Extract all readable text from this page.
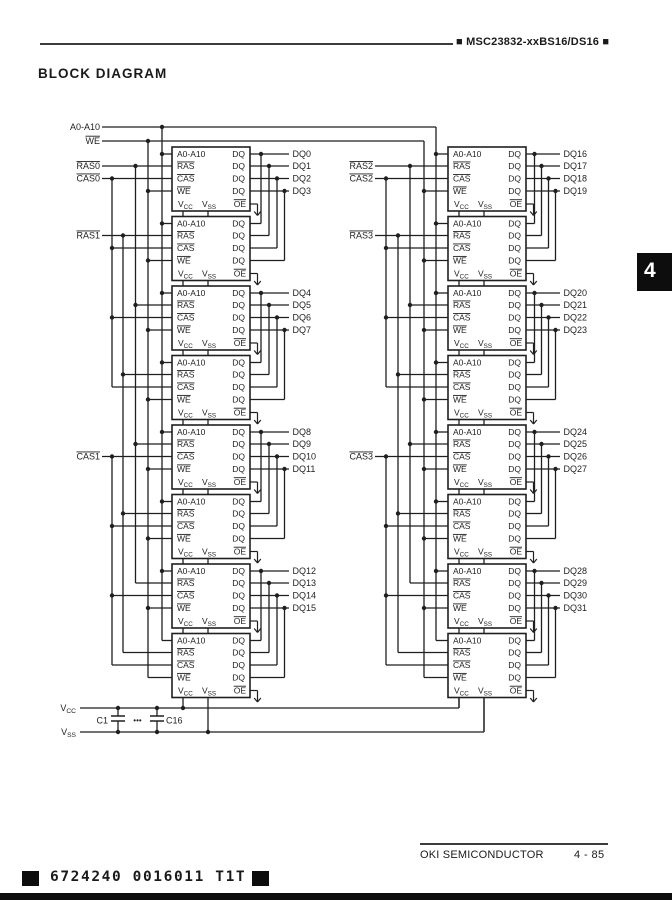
■ MSC23832-xxBS16/DS16 ■
BLOCK DIAGRAM
4
A0-A10
WE
A0-A10
RAS
CAS
WE
DQ
DQ
DQ
DQ
$V_{CC}$ $V_{SS}$ OE
A0-A10
RAS
CAS
WE
DQ
DQ
DQ
DQ
$V_{CC}$ $V_{SS}$ OE
A0-A10
RAS
CAS
WE
DQ
DQ
DQ
DQ
$V_{CC}$ $V_{SS}$ OE
A0-A10
RAS
CAS
WE
DQ
DQ
DQ
DQ
$V_{CC}$ $V_{SS}$ OE
A0-A10
RAS
CAS
WE
DQ
DQ
DQ
DQ
$V_{CC}$ $V_{SS}$ OE
A0-A10
RAS
CAS
WE
DQ
DQ
DQ
DQ
$V_{CC}$ $V_{SS}$ OE
A0-A10
RAS
CAS
WE
DQ
DQ
DQ
DQ
$V_{CC}$ $V_{SS}$ OE
A0-A10
RAS
CAS
WE
DQ
DQ
DQ
DQ
$V_{CC}$ $V_{SS}$ OE
RAS0
CAS0
RAS1
CAS1
DQ0
DQ1
DQ2
DQ3
DQ4
DQ5
DQ6
DQ7
DQ8
DQ9
DQ10
DQ11
DQ12
DQ13
DQ14
DQ15
A0-A10
RAS
CAS
WE
DQ
DQ
DQ
DQ
$V_{CC}$ $V_{SS}$ OE
A0-A10
RAS
CAS
WE
DQ
DQ
DQ
DQ
$V_{CC}$ $V_{SS}$ OE
A0-A10
RAS
CAS
WE
DQ
DQ
DQ
DQ
$V_{CC}$ $V_{SS}$ OE
A0-A10
RAS
CAS
WE
DQ
DQ
DQ
DQ
$V_{CC}$ $V_{SS}$ OE
A0-A10
RAS
CAS
WE
DQ
DQ
DQ
DQ
$V_{CC}$ $V_{SS}$ OE
A0-A10
RAS
CAS
WE
DQ
DQ
DQ
DQ
$V_{CC}$ $V_{SS}$ OE
A0-A10
RAS
CAS
WE
DQ
DQ
DQ
DQ
$V_{CC}$ $V_{SS}$ OE
A0-A10
RAS
CAS
WE
DQ
DQ
DQ
DQ
$V_{CC}$ $V_{SS}$ OE
RAS2
CAS2
RAS3
CAS3
DQ16
DQ17
DQ18
DQ19
DQ20
DQ21
DQ22
DQ23
DQ24
DQ25
DQ26
DQ27
DQ28
DQ29
DQ30
DQ31
$V_{CC}$
$V_{SS}$
C1	C16
•••
OKI SEMICONDUCTOR	4 - 85
6724240 0016011 T1T
